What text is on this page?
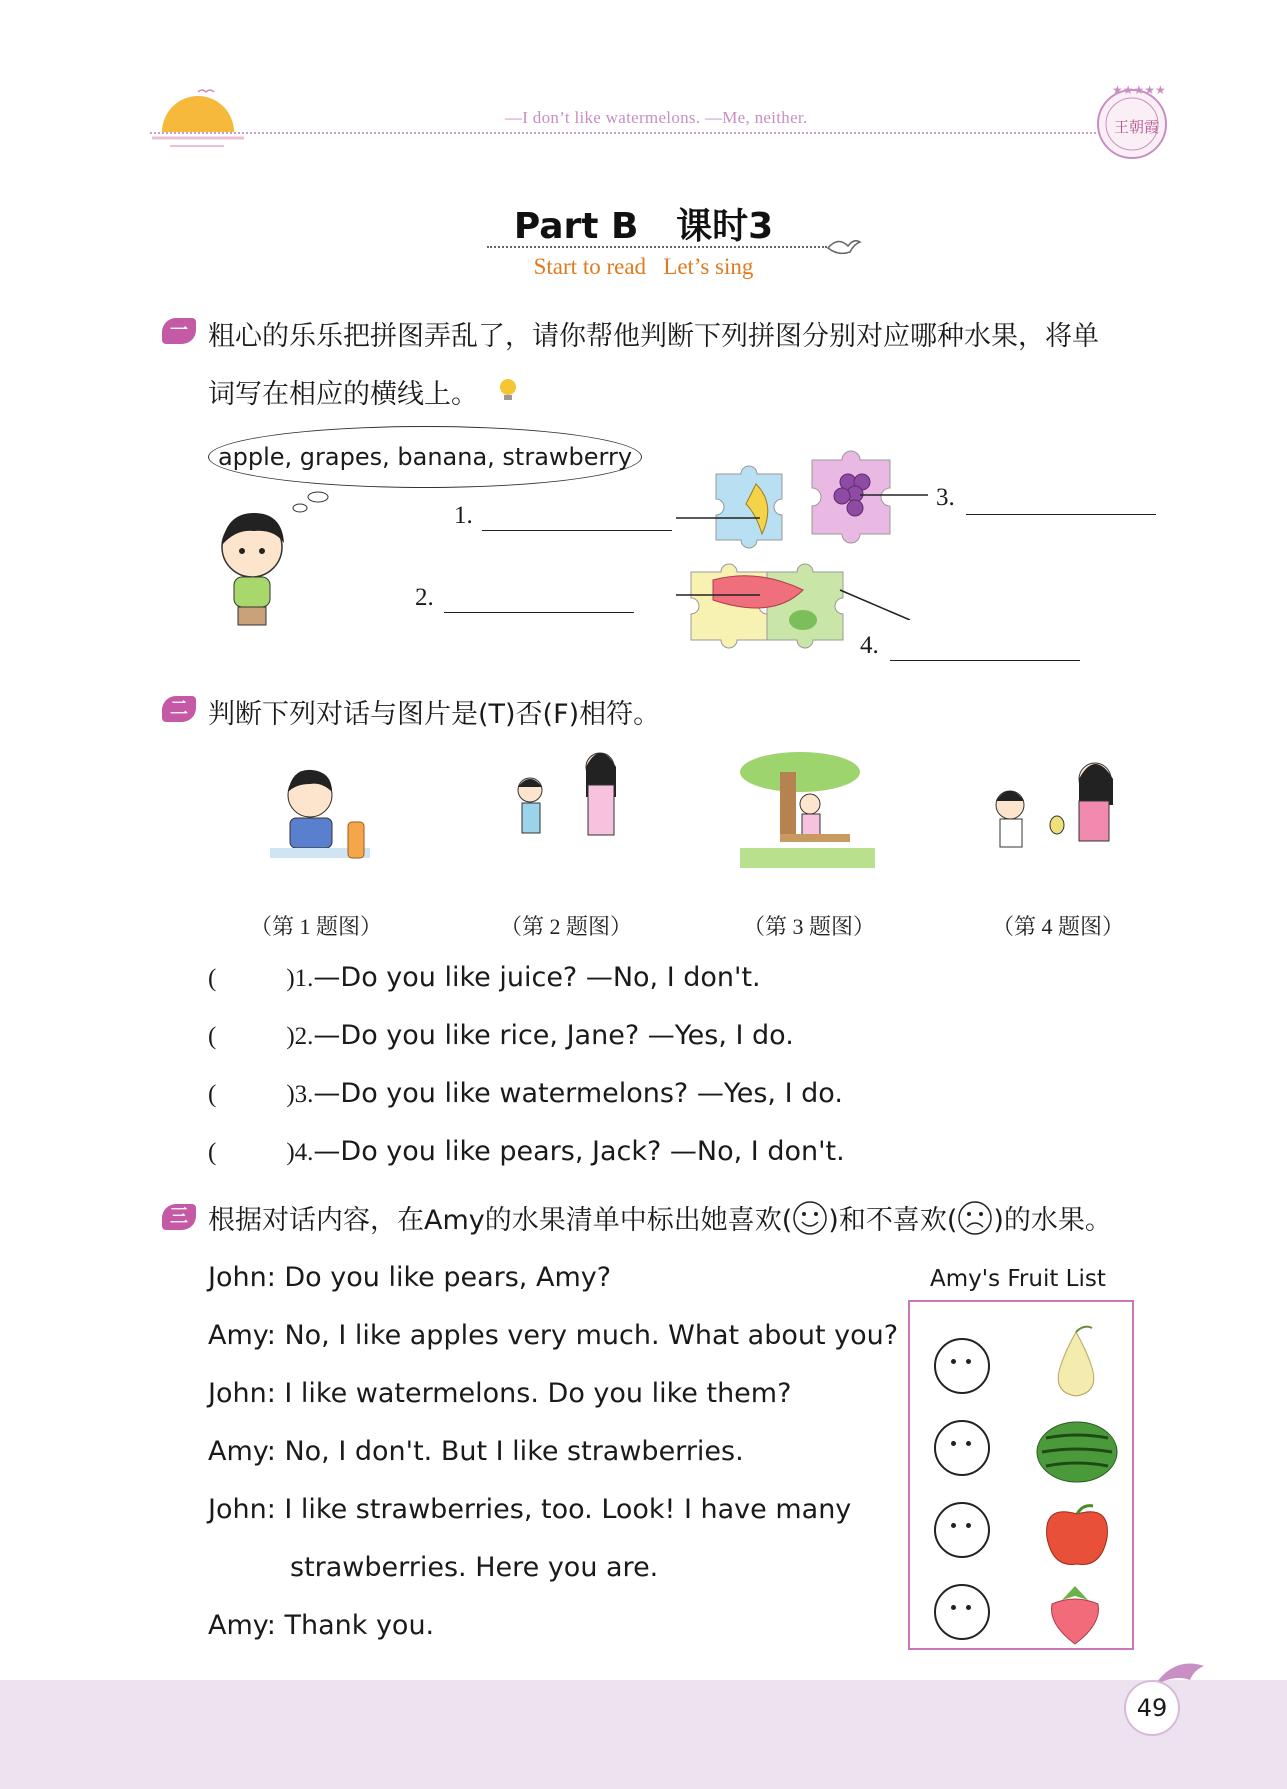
—I don’t like watermelons. —Me, neither.
★★★★★
王朝霞
Part B   课时3
Start to read   Let’s sing
一 粗心的乐乐把拼图弄乱了，请你帮他判断下列拼图分别对应哪种水果，将单
词写在相应的横线上。
apple, grapes, banana, strawberry
1.
2.
3.
4.
二 判断下列对话与图片是(T)否(F)相符。
（第 1 题图）	（第 2 题图）	（第 3 题图）	（第 4 题图）
(	)1.—Do you like juice? —No, I don't.
(	)2.—Do you like rice, Jane? —Yes, I do.
(	)3.—Do you like watermelons? —Yes, I do.
(	)4.—Do you like pears, Jack? —No, I don't.
三 根据对话内容，在Amy的水果清单中标出她喜欢( )和不喜欢( )的水果。
John: Do you like pears, Amy?
Amy: No, I like apples very much. What about you?
John: I like watermelons. Do you like them?
Amy: No, I don't. But I like strawberries.
John: I like strawberries, too. Look! I have many
strawberries. Here you are.
Amy: Thank you.
Amy's Fruit List
49
